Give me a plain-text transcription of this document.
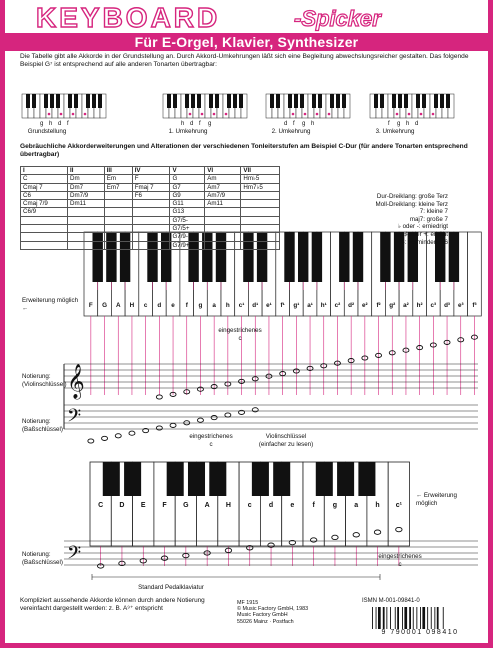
KEYBOARD	-Spicker
Für E-Orgel, Klavier, Synthesizer
Die Tabelle gibt alle Akkorde in der Grundstellung an. Durch Akkord-Umkehrungen läßt sich eine Begleitung abwechslungsreicher gestalten. Das folgende Beispiel G⁷ ist entsprechend auf alle anderen Tonarten übertragbar:
g h d f	h d f g	d f g h	f g h d
F G A H c d e f g a h c¹ d¹ e¹ f¹ g¹ a¹ h¹ c² d² e² f² g² a² h² c³ d³ e³ f³
𝄞
𝄢
C D E F G A H c d e	f	g a h c¹
𝄢
Grundstellung	1. Umkehrung	2. Umkehrung	3. Umkehrung
Gebräuchliche Akkorderweiterungen und Alterationen der verschiedenen Tonleiterstufen am Beispiel C-Dur (für andere Tonarten entsprechend übertragbar)
I	II	III	IV	V	VI	VII
C	Dm	Em	F	G	Am	Hm♭5
Cmaj 7	Dm7	Em7	Fmaj 7	G7	Am7	Hm7♭5
C6	Dm7/9		F6	G9	Am7/9	
Cmaj 7/9	Dm11			G11	Am11	
C6/9				G13		
				G7/5-		
				G7/5+		
				G7/9-		
				G7/9+		
Dur-Dreiklang: große Terz
Moll-Dreiklang: kleine Terz
7: kleine 7
maj7: große 7
♭ oder -: erniedrigt
♯ oder +: erhöht
7-: vermindert = 6
Erweiterung möglich ←
eingestrichenes
c
Notierung: (Violinschlüssel)
Notierung: (Baßschlüssel)
eingestrichenes
c
Violinschlüssel
(einfacher zu lesen)
← Erweiterung möglich
Notierung: (Baßschlüssel)
eingestrichenes
c
Standard Pedalklaviatur
Kompliziert aussehende Akkorde können durch andere Notierung vereinfacht dargestellt werden: z. B. A⁹⁺ entspricht
MF 1915
© Music Factory GmbH, 1983
Music Factory GmbH
55026 Mainz · Postfach
ISMN M-001-09841-0
9 790001 098410
